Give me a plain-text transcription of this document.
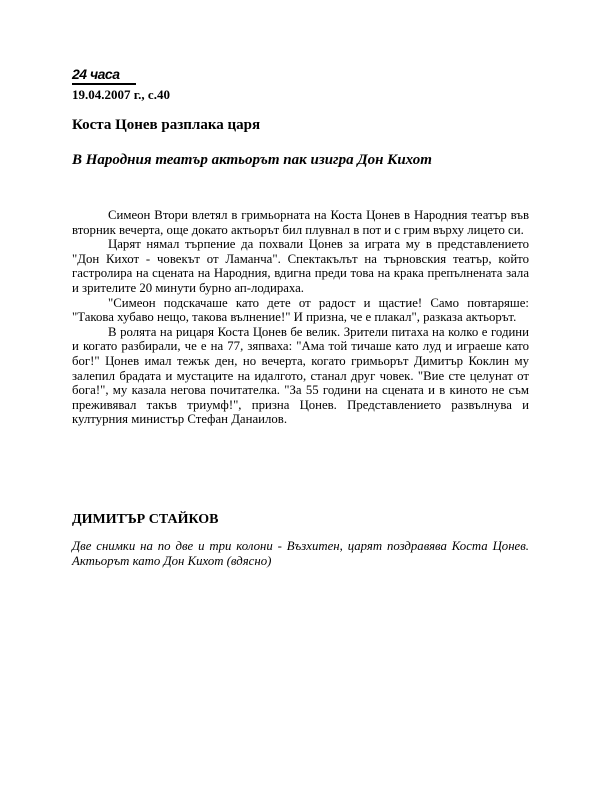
24 часа
19.04.2007 г., с.40
Коста Цонев разплака царя
В Народния театър актьорът пак изигра Дон Кихот

Симеон Втори влетял в гримьорната на Коста Цонев в Народния театър във вторник вечерта, още докато актьорът бил плувнал в пот и с грим върху лицето си.

Царят нямал търпение да похвали Цонев за играта му в представлението "Дон Кихот - човекът от Ламанча". Спектакълът на търновския театър, който гастролира на сцената на Народния, вдигна преди това на крака препълнената зала и зрителите 20 минути бурно ап-лодираха.

"Симеон подскачаше като дете от радост и щастие! Само повтаряше: "Такова хубаво нещо, такова вълнение!" И призна, че е плакал", разказа актьорът.

В ролята на рицаря Коста Цонев бе велик. Зрители питаха на колко е години и когато разбирали, че е на 77, зяпваха: "Ама той тичаше като луд и играеше като бог!" Цонев имал тежък ден, но вечерта, когато гримьорът Димитър Коклин му залепил брадата и мустаците на идалгото, станал друг човек. "Вие сте целунат от бога!", му казала негова почитателка. "За 55 години на сцената и в киното не съм преживявал такъв триумф!", призна Цонев. Представлението развълнува и културния министър Стефан Данаилов.

ДИМИТЪР СТАЙКОВ
Две снимки на по две и три колони - Възхитен, царят поздравява Коста Цонев. Актьорът като Дон Кихот (вдясно)
